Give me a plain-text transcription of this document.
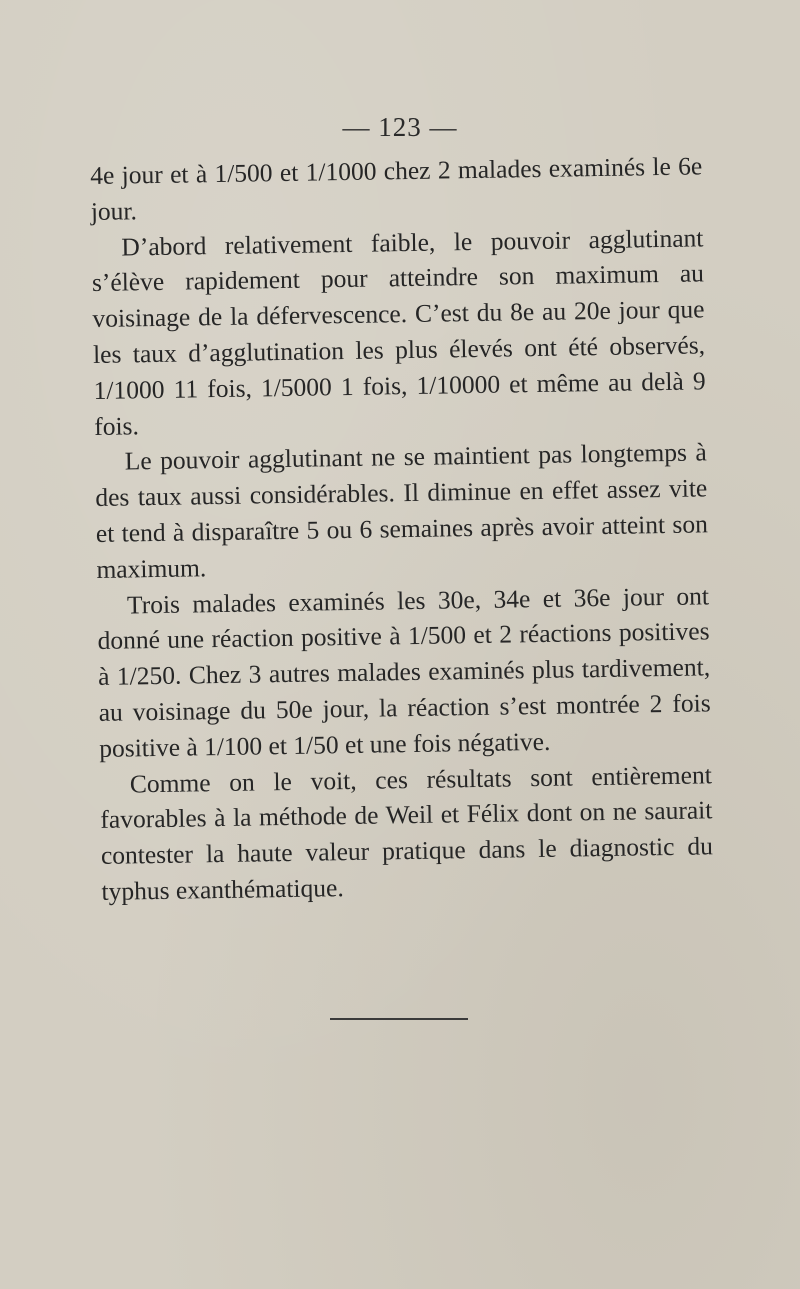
— 123 —

4e jour et à 1/500 et 1/1000 chez 2 malades examinés le 6e jour.

D’abord relativement faible, le pouvoir agglutinant s’élève rapidement pour atteindre son maximum au voisinage de la défervescence. C’est du 8e au 20e jour que les taux d’agglutination les plus élevés ont été observés, 1/1000 11 fois, 1/5000 1 fois, 1/10000 et même au delà 9 fois.

Le pouvoir agglutinant ne se maintient pas longtemps à des taux aussi considérables. Il diminue en effet assez vite et tend à disparaître 5 ou 6 semaines après avoir atteint son maximum.

Trois malades examinés les 30e, 34e et 36e jour ont donné une réaction positive à 1/500 et 2 réactions positives à 1/250. Chez 3 autres malades examinés plus tardivement, au voisinage du 50e jour, la réaction s’est montrée 2 fois positive à 1/100 et 1/50 et une fois négative.

Comme on le voit, ces résultats sont entièrement favorables à la méthode de Weil et Félix dont on ne saurait contester la haute valeur pratique dans le diagnostic du typhus exanthématique.
